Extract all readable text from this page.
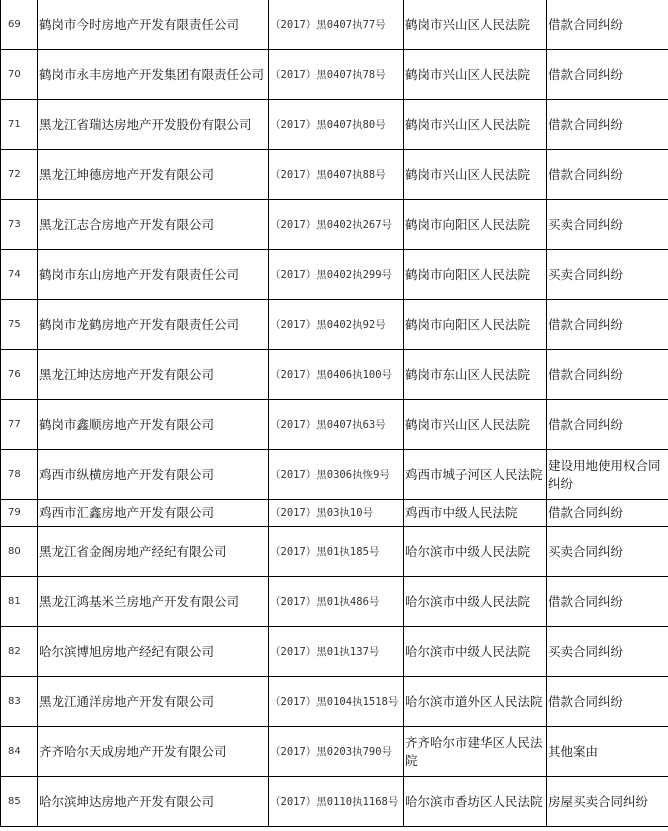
69	鹤岗市今时房地产开发有限责任公司	（2017）黑0407执77号	鹤岗市兴山区人民法院	借款合同纠纷
70	鹤岗市永丰房地产开发集团有限责任公司	（2017）黑0407执78号	鹤岗市兴山区人民法院	借款合同纠纷
71	黑龙江省瑞达房地产开发股份有限公司	（2017）黑0407执80号	鹤岗市兴山区人民法院	借款合同纠纷
72	黑龙江坤德房地产开发有限公司	（2017）黑0407执88号	鹤岗市兴山区人民法院	借款合同纠纷
73	黑龙江志合房地产开发有限公司	（2017）黑0402执267号	鹤岗市向阳区人民法院	买卖合同纠纷
74	鹤岗市东山房地产开发有限责任公司	（2017）黑0402执299号	鹤岗市向阳区人民法院	买卖合同纠纷
75	鹤岗市龙鹤房地产开发有限责任公司	（2017）黑0402执92号	鹤岗市向阳区人民法院	借款合同纠纷
76	黑龙江坤达房地产开发有限公司	（2017）黑0406执100号	鹤岗市东山区人民法院	借款合同纠纷
77	鹤岗市鑫顺房地产开发有限公司	（2017）黑0407执63号	鹤岗市兴山区人民法院	借款合同纠纷
78	鸡西市纵横房地产开发有限公司	（2017）黑0306执恢9号	鸡西市城子河区人民法院	建设用地使用权合同纠纷
79	鸡西市汇鑫房地产开发有限公司	（2017）黑03执10号	鸡西市中级人民法院	借款合同纠纷
80	黑龙江省金阁房地产经纪有限公司	（2017）黑01执185号	哈尔滨市中级人民法院	买卖合同纠纷
81	黑龙江鸿基米兰房地产开发有限公司	（2017）黑01执486号	哈尔滨市中级人民法院	借款合同纠纷
82	哈尔滨博旭房地产经纪有限公司	（2017）黑01执137号	哈尔滨市中级人民法院	买卖合同纠纷
83	黑龙江通洋房地产开发有限公司	（2017）黑0104执1518号	哈尔滨市道外区人民法院	借款合同纠纷
84	齐齐哈尔天成房地产开发有限公司	（2017）黑0203执790号	齐齐哈尔市建华区人民法院	其他案由
85	哈尔滨坤达房地产开发有限公司	（2017）黑0110执1168号	哈尔滨市香坊区人民法院	房屋买卖合同纠纷
